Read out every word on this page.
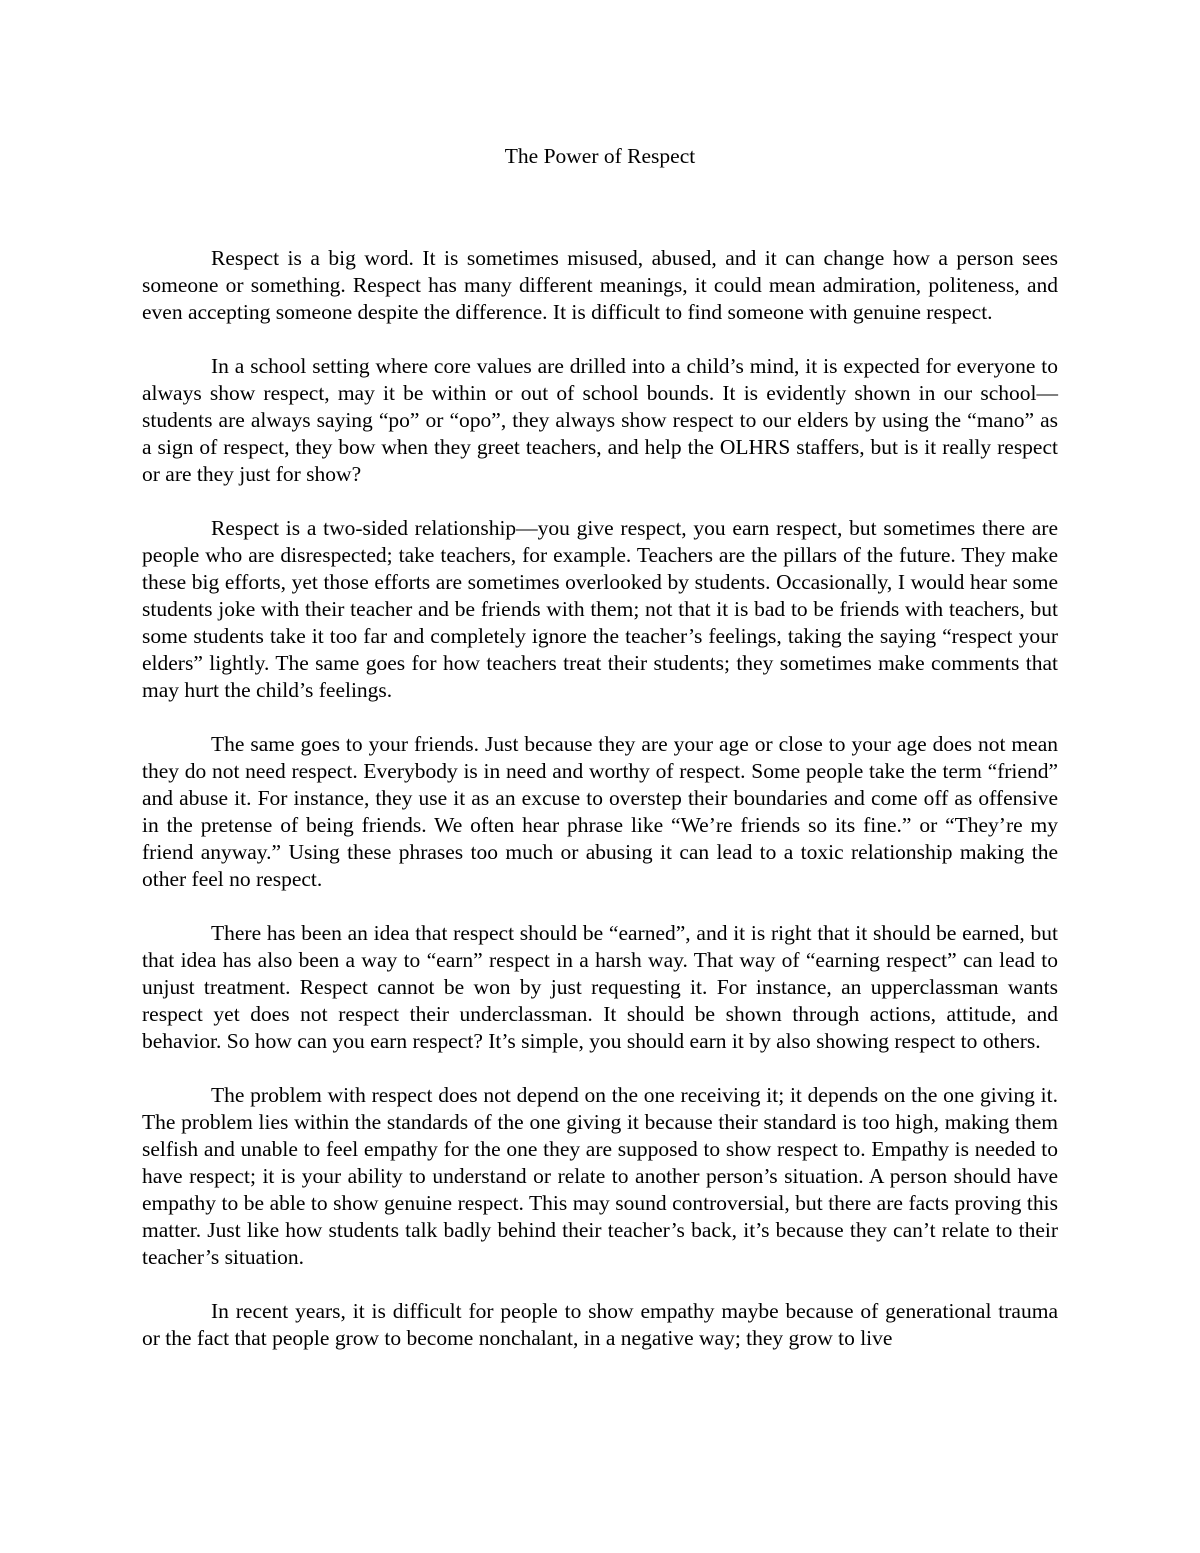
The Power of Respect

Respect is a big word. It is sometimes misused, abused, and it can change how a person sees someone or something. Respect has many different meanings, it could mean admiration, politeness, and even accepting someone despite the difference. It is difficult to find someone with genuine respect.

In a school setting where core values are drilled into a child’s mind, it is expected for everyone to always show respect, may it be within or out of school bounds. It is evidently shown in our school—students are always saying “po” or “opo”, they always show respect to our elders by using the “mano” as a sign of respect, they bow when they greet teachers, and help the OLHRS staffers, but is it really respect or are they just for show?

Respect is a two-sided relationship—you give respect, you earn respect, but sometimes there are people who are disrespected; take teachers, for example. Teachers are the pillars of the future. They make these big efforts, yet those efforts are sometimes overlooked by students. Occasionally, I would hear some students joke with their teacher and be friends with them; not that it is bad to be friends with teachers, but some students take it too far and completely ignore the teacher’s feelings, taking the saying “respect your elders” lightly. The same goes for how teachers treat their students; they sometimes make comments that may hurt the child’s feelings.

The same goes to your friends. Just because they are your age or close to your age does not mean they do not need respect. Everybody is in need and worthy of respect. Some people take the term “friend” and abuse it. For instance, they use it as an excuse to overstep their boundaries and come off as offensive in the pretense of being friends. We often hear phrase like “We’re friends so its fine.” or “They’re my friend anyway.” Using these phrases too much or abusing it can lead to a toxic relationship making the other feel no respect.

There has been an idea that respect should be “earned”, and it is right that it should be earned, but that idea has also been a way to “earn” respect in a harsh way. That way of “earning respect” can lead to unjust treatment. Respect cannot be won by just requesting it. For instance, an upperclassman wants respect yet does not respect their underclassman. It should be shown through actions, attitude, and behavior. So how can you earn respect? It’s simple, you should earn it by also showing respect to others.

The problem with respect does not depend on the one receiving it; it depends on the one giving it. The problem lies within the standards of the one giving it because their standard is too high, making them selfish and unable to feel empathy for the one they are supposed to show respect to. Empathy is needed to have respect; it is your ability to understand or relate to another person’s situation. A person should have empathy to be able to show genuine respect. This may sound controversial, but there are facts proving this matter. Just like how students talk badly behind their teacher’s back, it’s because they can’t relate to their teacher’s situation.

In recent years, it is difficult for people to show empathy maybe because of generational trauma or the fact that people grow to become nonchalant, in a negative way; they grow to live
